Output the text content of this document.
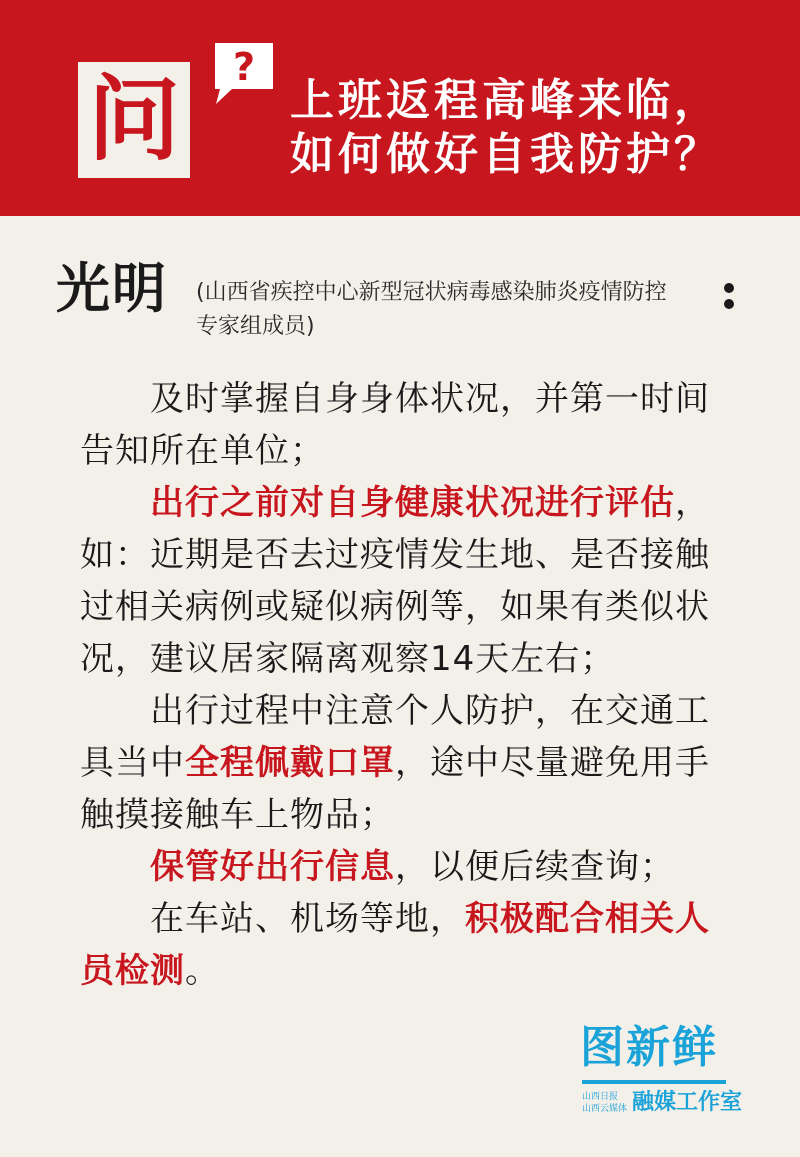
问 ?
上班返程高峰来临，
如何做好自我防护？
光明 (山西省疾控中心新型冠状病毒感染肺炎疫情防控
专家组成员)
及时掌握自身身体状况，并第一时间
告知所在单位；
出行之前对自身健康状况进行评估，
如：近期是否去过疫情发生地、是否接触
过相关病例或疑似病例等，如果有类似状
况，建议居家隔离观察14天左右；
出行过程中注意个人防护，在交通工
具当中全程佩戴口罩，途中尽量避免用手
触摸接触车上物品；
保管好出行信息，以便后续查询；
在车站、机场等地，积极配合相关人
员检测。
图新鲜
山西日报
山西云媒体 融媒工作室
